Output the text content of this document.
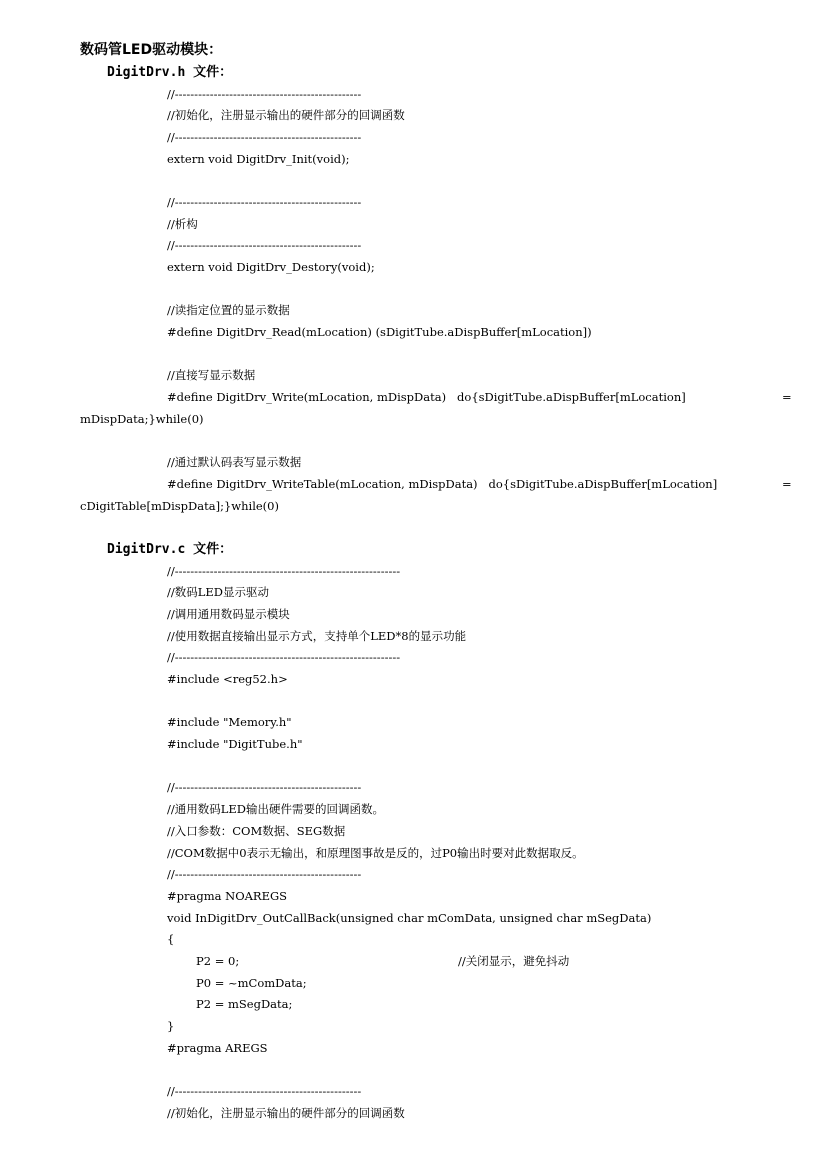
数码管LED驱动模块：
DigitDrv.h 文件：
//------------------------------------------------
//初始化，注册显示输出的硬件部分的回调函数
//------------------------------------------------
extern void DigitDrv_Init(void);
//------------------------------------------------
//析构
//------------------------------------------------
extern void DigitDrv_Destory(void);
//读指定位置的显示数据
#define DigitDrv_Read(mLocation) (sDigitTube.aDispBuffer[mLocation])
//直接写显示数据
#define DigitDrv_Write(mLocation, mDispData)   do{sDigitTube.aDispBuffer[mLocation]	=
mDispData;}while(0)
//通过默认码表写显示数据
#define DigitDrv_WriteTable(mLocation, mDispData)   do{sDigitTube.aDispBuffer[mLocation]	=
cDigitTable[mDispData];}while(0)
DigitDrv.c 文件：
//----------------------------------------------------------
//数码LED显示驱动
//调用通用数码显示模块
//使用数据直接输出显示方式，支持单个LED*8的显示功能
//----------------------------------------------------------
#include <reg52.h>
#include "Memory.h"
#include "DigitTube.h"
//------------------------------------------------
//通用数码LED输出硬件需要的回调函数。
//入口参数：COM数据、SEG数据
//COM数据中0表示无输出，和原理图事故是反的，过P0输出时要对此数据取反。
//------------------------------------------------
#pragma NOAREGS
void InDigitDrv_OutCallBack(unsigned char mComData, unsigned char mSegData)
{
P2 = 0;	//关闭显示，避免抖动
P0 = ~mComData;
P2 = mSegData;
}
#pragma AREGS
//------------------------------------------------
//初始化，注册显示输出的硬件部分的回调函数
